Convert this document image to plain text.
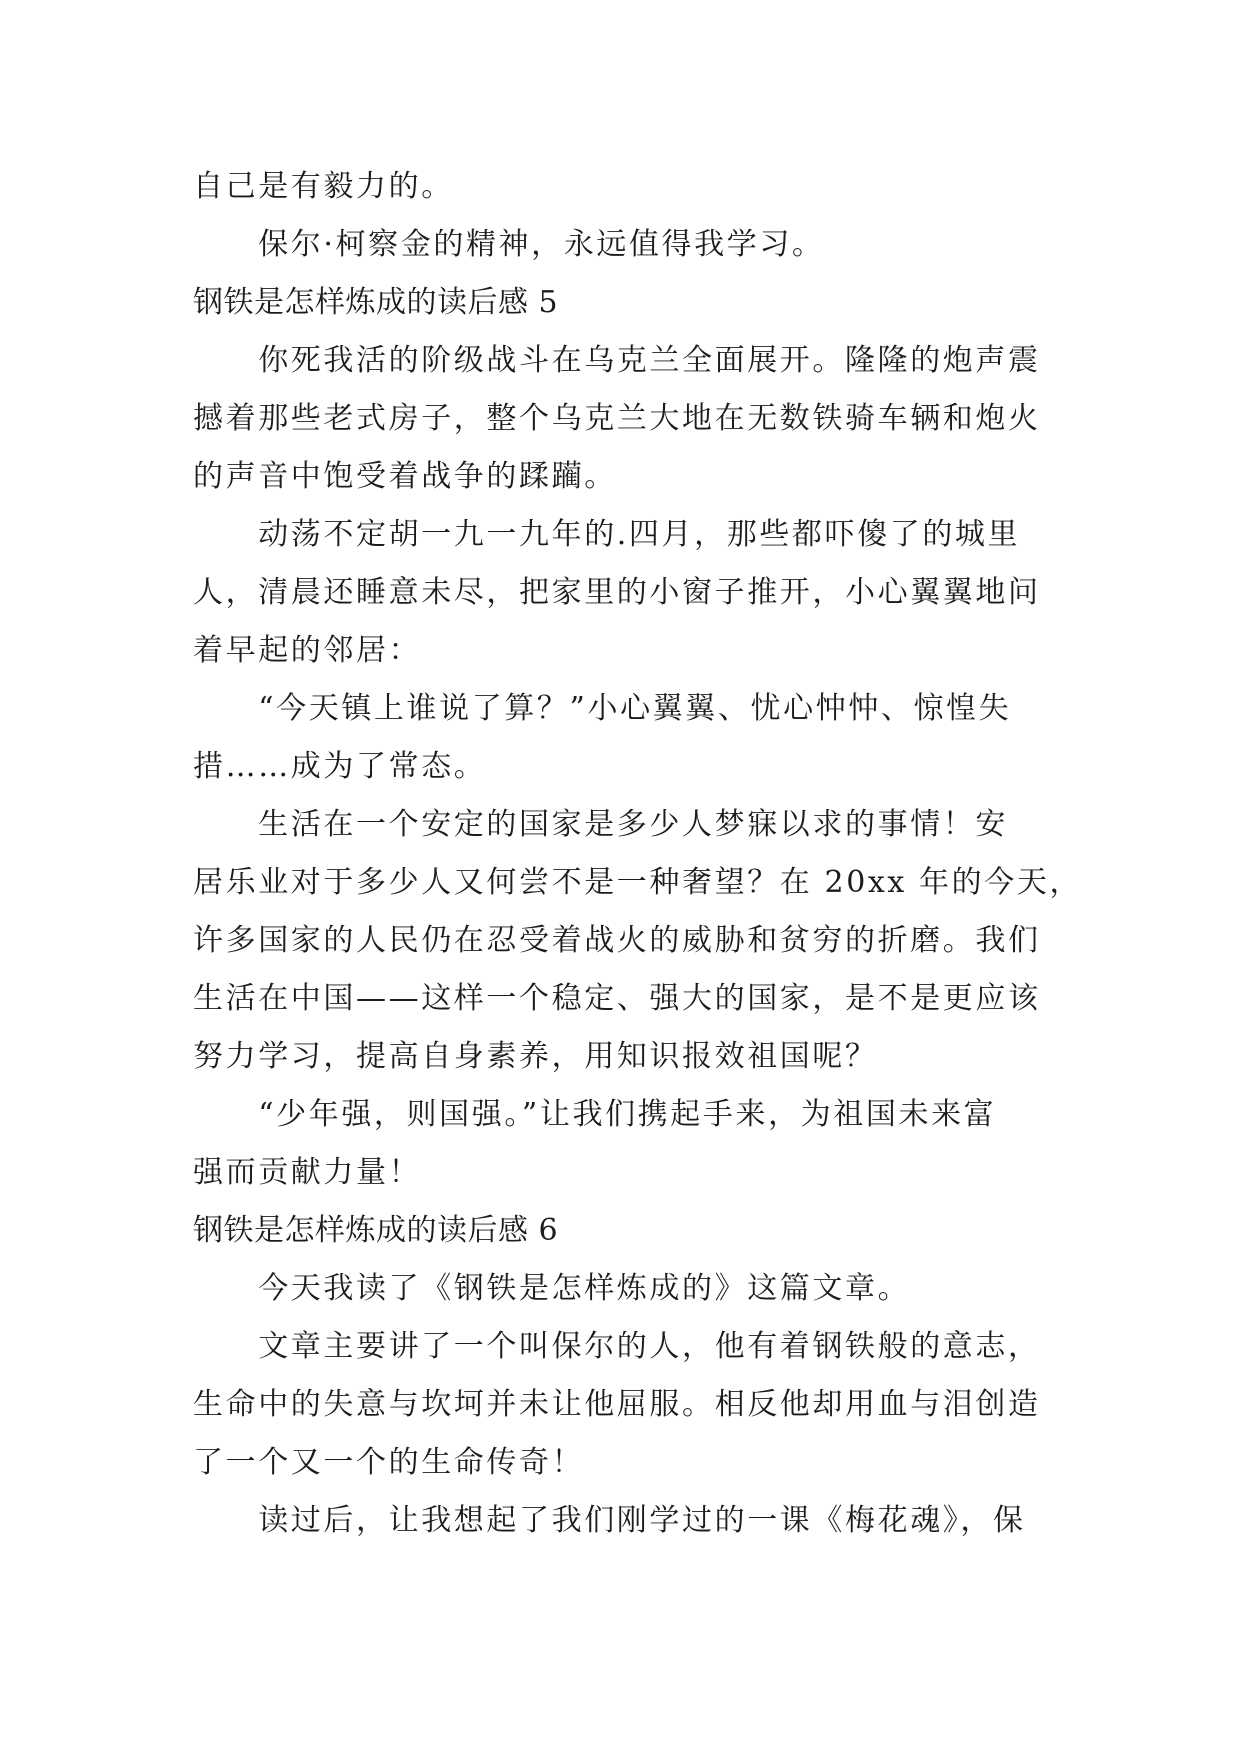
自己是有毅力的。
　　保尔·柯察金的精神，永远值得我学习。
钢铁是怎样炼成的读后感 5
　　你死我活的阶级战斗在乌克兰全面展开。隆隆的炮声震
撼着那些老式房子，整个乌克兰大地在无数铁骑车辆和炮火
的声音中饱受着战争的蹂躏。
　　动荡不定胡一九一九年的.四月，那些都吓傻了的城里
人，清晨还睡意未尽，把家里的小窗子推开，小心翼翼地问
着早起的邻居：
　　“今天镇上谁说了算？”小心翼翼、忧心忡忡、惊惶失
措……成为了常态。
　　生活在一个安定的国家是多少人梦寐以求的事情！安
居乐业对于多少人又何尝不是一种奢望？在 20xx 年的今天，
许多国家的人民仍在忍受着战火的威胁和贫穷的折磨。我们
生活在中国——这样一个稳定、强大的国家，是不是更应该
努力学习，提高自身素养，用知识报效祖国呢？
　　“少年强，则国强。”让我们携起手来，为祖国未来富
强而贡献力量！
钢铁是怎样炼成的读后感 6
　　今天我读了《钢铁是怎样炼成的》这篇文章。
　　文章主要讲了一个叫保尔的人，他有着钢铁般的意志，
生命中的失意与坎坷并未让他屈服。相反他却用血与泪创造
了一个又一个的生命传奇！
　　读过后，让我想起了我们刚学过的一课《梅花魂》，保
